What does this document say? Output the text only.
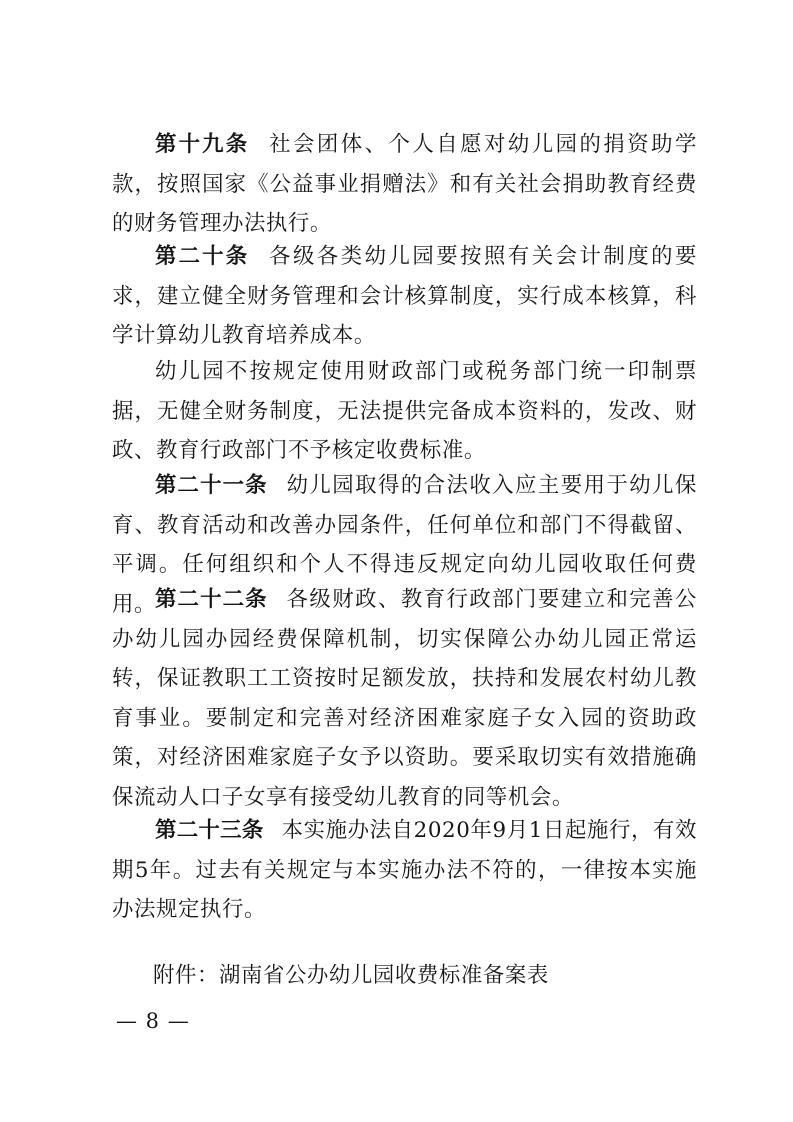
第十九条 社会团体、个人自愿对幼儿园的捐资助学款，按照国家《公益事业捐赠法》和有关社会捐助教育经费的财务管理办法执行。

第二十条 各级各类幼儿园要按照有关会计制度的要求，建立健全财务管理和会计核算制度，实行成本核算，科学计算幼儿教育培养成本。

幼儿园不按规定使用财政部门或税务部门统一印制票据，无健全财务制度，无法提供完备成本资料的，发改、财政、教育行政部门不予核定收费标准。

第二十一条 幼儿园取得的合法收入应主要用于幼儿保育、教育活动和改善办园条件，任何单位和部门不得截留、平调。任何组织和个人不得违反规定向幼儿园收取任何费用。 第二十二条 各级财政、教育行政部门要建立和完善公办幼儿园办园经费保障机制，切实保障公办幼儿园正常运转，保证教职工工资按时足额发放，扶持和发展农村幼儿教育事业。要制定和完善对经济困难家庭子女入园的资助政策，对经济困难家庭子女予以资助。要采取切实有效措施确保流动人口子女享有接受幼儿教育的同等机会。

第二十三条 本实施办法自2020年9月1日起施行，有效期5年。过去有关规定与本实施办法不符的，一律按本实施办法规定执行。

附件：湖南省公办幼儿园收费标准备案表

— 8 —
